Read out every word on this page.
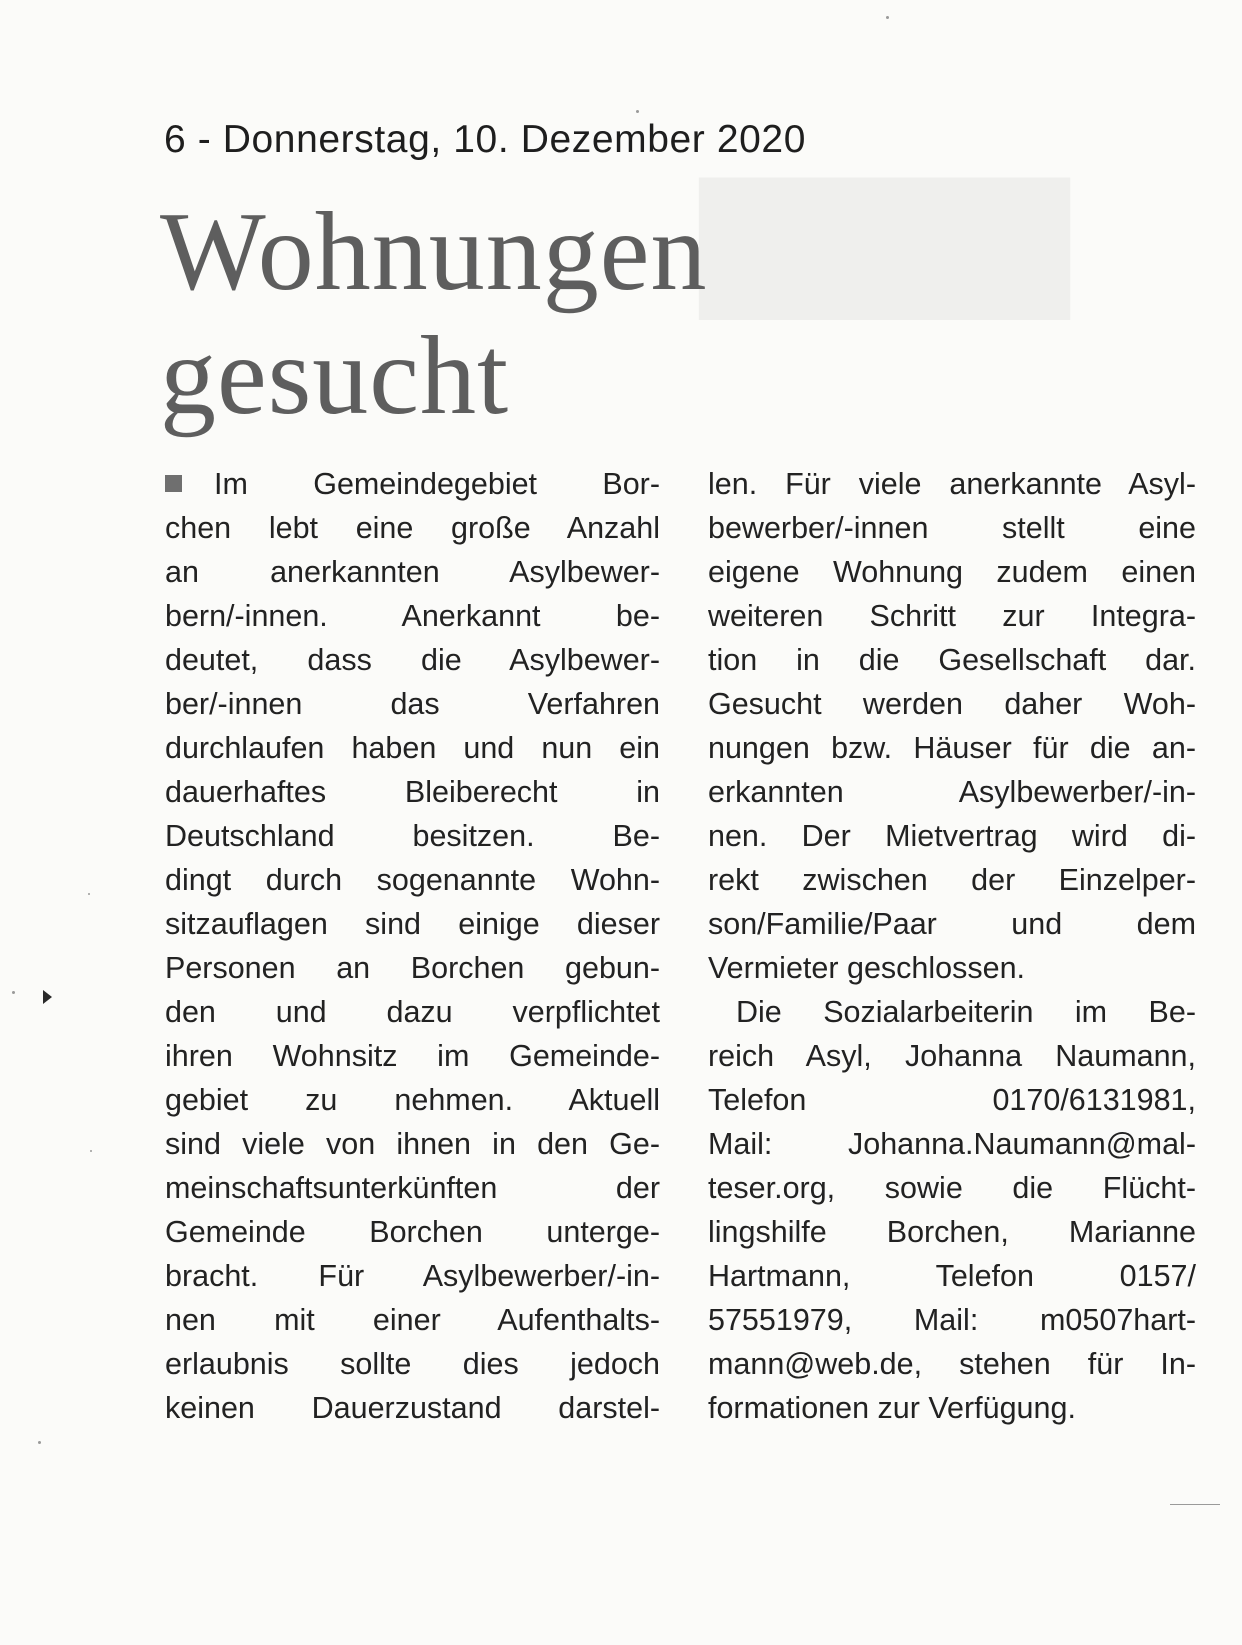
6 - Donnerstag, 10. Dezember 2020
Wohnungen
gesucht
Im Gemeindegebiet Bor-
chen lebt eine große Anzahl
an anerkannten Asylbewer-
bern/-innen. Anerkannt be-
deutet, dass die Asylbewer-
ber/-innen das Verfahren
durchlaufen haben und nun ein
dauerhaftes Bleiberecht in
Deutschland besitzen. Be-
dingt durch sogenannte Wohn-
sitzauflagen sind einige dieser
Personen an Borchen gebun-
den und dazu verpflichtet
ihren Wohnsitz im Gemeinde-
gebiet zu nehmen. Aktuell
sind viele von ihnen in den Ge-
meinschaftsunterkünften der
Gemeinde Borchen unterge-
bracht. Für Asylbewerber/-in-
nen mit einer Aufenthalts-
erlaubnis sollte dies jedoch
keinen Dauerzustand darstel-
len. Für viele anerkannte Asyl-
bewerber/-innen stellt eine
eigene Wohnung zudem einen
weiteren Schritt zur Integra-
tion in die Gesellschaft dar.
Gesucht werden daher Woh-
nungen bzw. Häuser für die an-
erkannten Asylbewerber/-in-
nen. Der Mietvertrag wird di-
rekt zwischen der Einzelper-
son/Familie/Paar und dem
Vermieter geschlossen.
Die Sozialarbeiterin im Be-
reich Asyl, Johanna Naumann,
Telefon 0170/6131981,
Mail: Johanna.Naumann@mal-
teser.org, sowie die Flücht-
lingshilfe Borchen, Marianne
Hartmann, Telefon 0157/
57551979, Mail: m0507hart-
mann@web.de, stehen für In-
formationen zur Verfügung.
